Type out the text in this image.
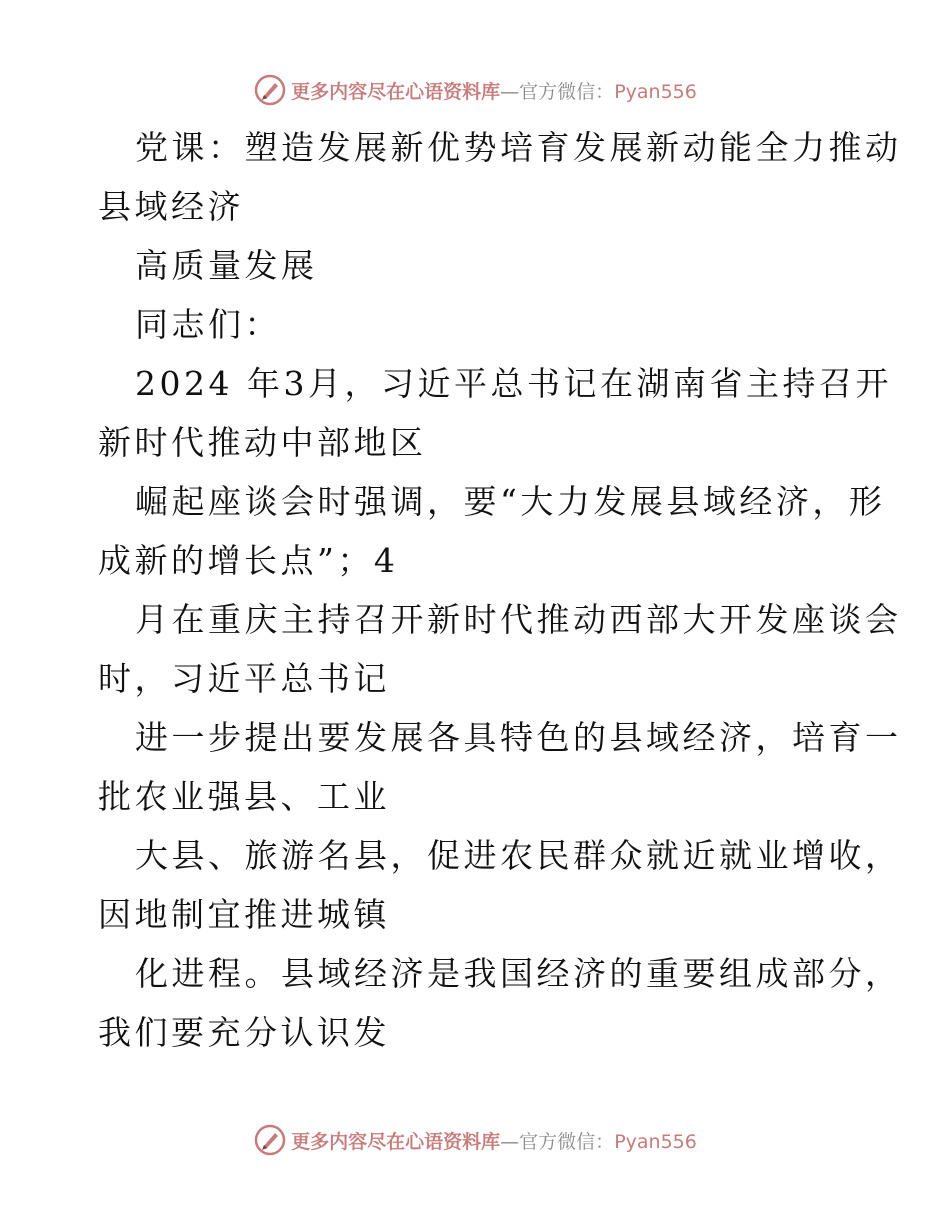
更多内容尽在心语资料库—官方微信：Pyan556
党课：塑造发展新优势培育发展新动能全力推动
县域经济
高质量发展
同志们：
2024 年3月，习近平总书记在湖南省主持召开
新时代推动中部地区
崛起座谈会时强调，要“大力发展县域经济，形
成新的增长点”；4
月在重庆主持召开新时代推动西部大开发座谈会
时，习近平总书记
进一步提出要发展各具特色的县域经济，培育一
批农业强县、工业
大县、旅游名县，促进农民群众就近就业增收，
因地制宜推进城镇
化进程。县域经济是我国经济的重要组成部分，
我们要充分认识发
更多内容尽在心语资料库—官方微信：Pyan556
